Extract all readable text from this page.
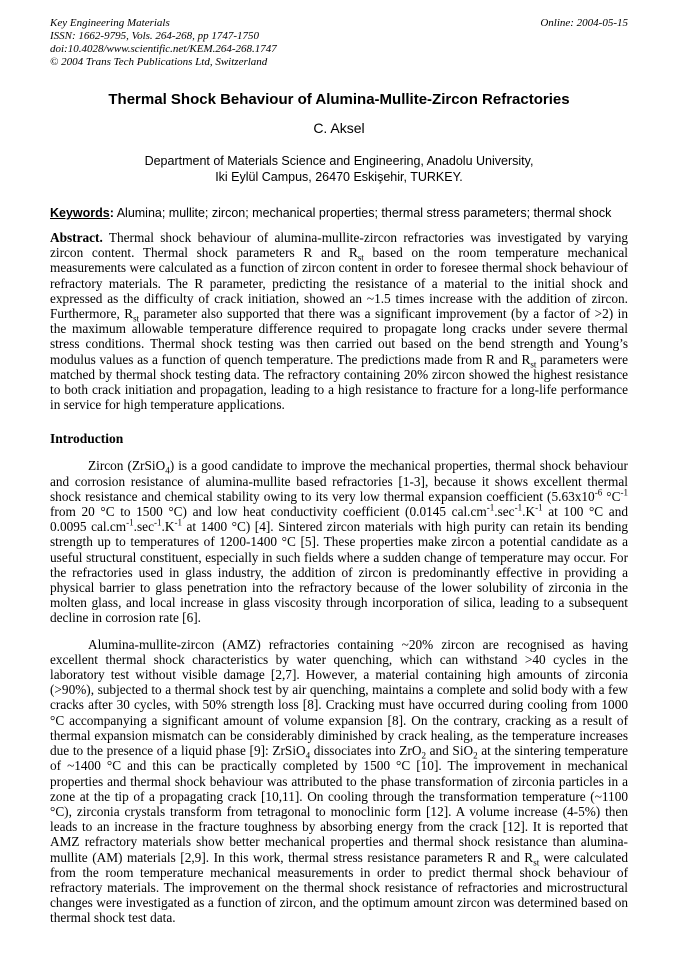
Key Engineering Materials
ISSN: 1662-9795, Vols. 264-268, pp 1747-1750
doi:10.4028/www.scientific.net/KEM.264-268.1747
© 2004 Trans Tech Publications Ltd, Switzerland
Online: 2004-05-15
Thermal Shock Behaviour of Alumina-Mullite-Zircon Refractories
C. Aksel
Department of Materials Science and Engineering, Anadolu University,
Iki Eylül Campus, 26470 Eskişehir, TURKEY.
Keywords: Alumina; mullite; zircon; mechanical properties; thermal stress parameters; thermal shock

Abstract. Thermal shock behaviour of alumina-mullite-zircon refractories was investigated by varying zircon content. Thermal shock parameters R and $R_{st}$ based on the room temperature mechanical measurements were calculated as a function of zircon content in order to foresee thermal shock behaviour of refractory materials. The R parameter, predicting the resistance of a material to the initial shock and expressed as the difficulty of crack initiation, showed an ~1.5 times increase with the addition of zircon. Furthermore, $R_{st}$ parameter also supported that there was a significant improvement (by a factor of >2) in the maximum allowable temperature difference required to propagate long cracks under severe thermal stress conditions. Thermal shock testing was then carried out based on the bend strength and Young’s modulus values as a function of quench temperature. The predictions made from R and $R_{st}$ parameters were matched by thermal shock testing data. The refractory containing 20% zircon showed the highest resistance to both crack initiation and propagation, leading to a high resistance to fracture for a long-life performance in service for high temperature applications.

Introduction

Zircon (ZrSiO$_4$) is a good candidate to improve the mechanical properties, thermal shock behaviour and corrosion resistance of alumina-mullite based refractories [1-3], because it shows excellent thermal shock resistance and chemical stability owing to its very low thermal expansion coefficient ($5.63x10^{-6}$ $^\circ C^{-1}$ from 20 °C to 1500 °C) and low heat conductivity coefficient (0.0145 $cal.cm^{-1}.\sec^{-1}.K^{-1}$ at 100 °C and 0.0095 $cal.cm^{-1}.\sec^{-1}.K^{-1}$ at 1400 °C) [4]. Sintered zircon materials with high purity can retain its bending strength up to temperatures of 1200-1400 °C [5]. These properties make zircon a potential candidate as a useful structural constituent, especially in such fields where a sudden change of temperature may occur. For the refractories used in glass industry, the addition of zircon is predominantly effective in providing a physical barrier to glass penetration into the refractory because of the lower solubility of zirconia in the molten glass, and local increase in glass viscosity through incorporation of silica, leading to a subsequent decline in corrosion rate [6].

Alumina-mullite-zircon (AMZ) refractories containing ~20% zircon are recognised as having excellent thermal shock characteristics by water quenching, which can withstand >40 cycles in the laboratory test without visible damage [2,7]. However, a material containing high amounts of zirconia (>90%), subjected to a thermal shock test by air quenching, maintains a complete and solid body with a few cracks after 30 cycles, with 50% strength loss [8]. Cracking must have occurred during cooling from 1000 °C accompanying a significant amount of volume expansion [8]. On the contrary, cracking as a result of thermal expansion mismatch can be considerably diminished by crack healing, as the temperature increases due to the presence of a liquid phase [9]: ZrSiO$_4$ dissociates into ZrO$_2$ and SiO$_2$ at the sintering temperature of ~1400 °C and this can be practically completed by 1500 °C [10]. The improvement in mechanical properties and thermal shock behaviour was attributed to the phase transformation of zirconia particles in a zone at the tip of a propagating crack [10,11]. On cooling through the transformation temperature (~1100 °C), zirconia crystals transform from tetragonal to monoclinic form [12]. A volume increase (4-5%) then leads to an increase in the fracture toughness by absorbing energy from the crack [12]. It is reported that AMZ refractory materials show better mechanical properties and thermal shock resistance than alumina-mullite (AM) materials [2,9]. In this work, thermal stress resistance parameters R and $R_{st}$ were calculated from the room temperature mechanical measurements in order to predict thermal shock behaviour of refractory materials. The improvement on the thermal shock resistance of refractories and microstructural changes were investigated as a function of zircon, and the optimum amount zircon was determined based on thermal shock test data.
